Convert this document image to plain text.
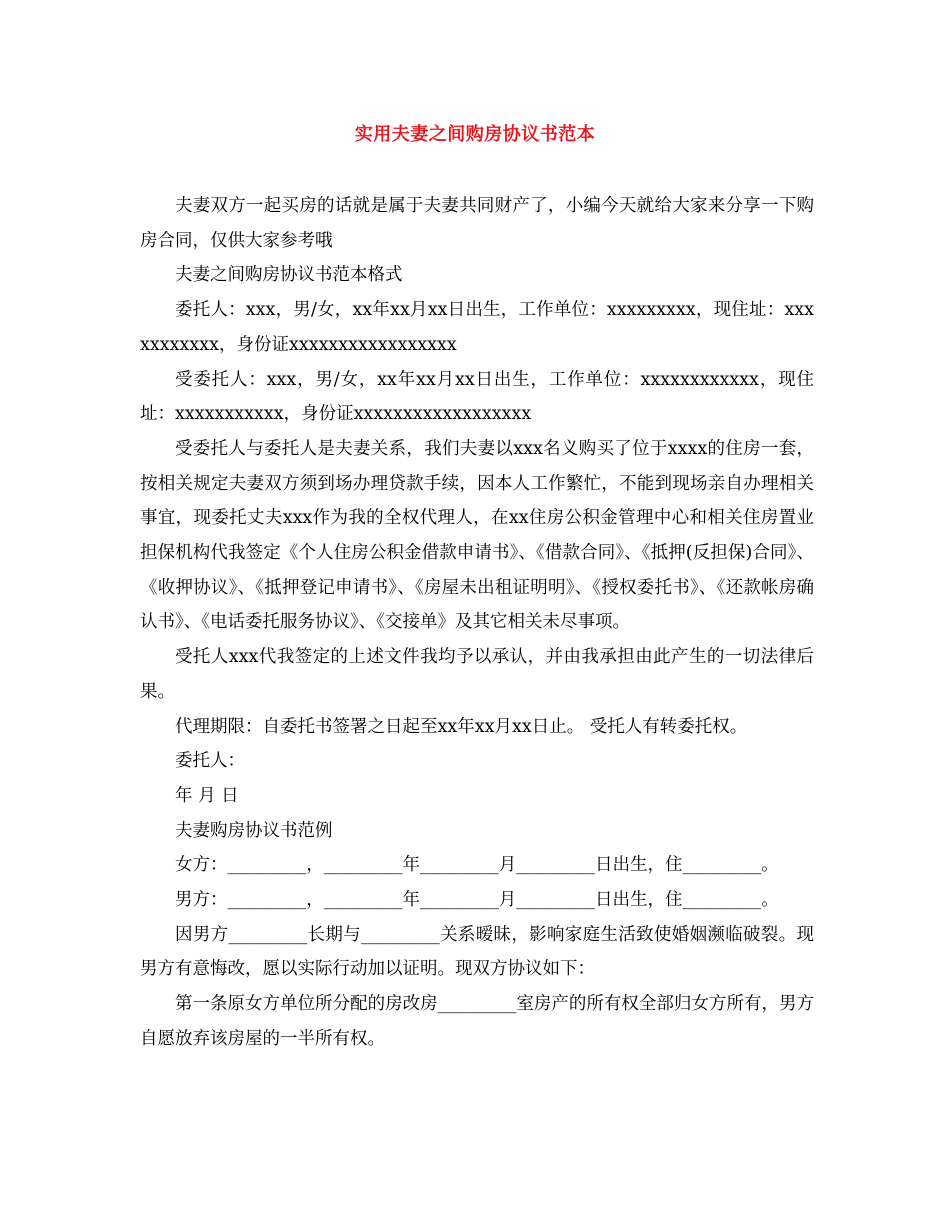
实用夫妻之间购房协议书范本

夫妻双方一起买房的话就是属于夫妻共同财产了，小编今天就给大家来分享一下购房合同，仅供大家参考哦

夫妻之间购房协议书范本格式

委托人：xxx，男/女，xx年xx月xx日出生，工作单位：xxxxxxxxx，现住址：xxxxxxxxxxx，身份证xxxxxxxxxxxxxxxxx

受委托人：xxx，男/女，xx年xx月xx日出生，工作单位：xxxxxxxxxxxx，现住址：xxxxxxxxxxx，身份证xxxxxxxxxxxxxxxxxx

受委托人与委托人是夫妻关系，我们夫妻以xxx名义购买了位于xxxx的住房一套，按相关规定夫妻双方须到场办理贷款手续，因本人工作繁忙，不能到现场亲自办理相关事宜，现委托丈夫xxx作为我的全权代理人，在xx住房公积金管理中心和相关住房置业担保机构代我签定《个人住房公积金借款申请书》、《借款合同》、《抵押(反担保)合同》、《收押协议》、《抵押登记申请书》、《房屋未出租证明明》、《授权委托书》、《还款帐房确认书》、《电话委托服务协议》、《交接单》及其它相关未尽事项。

受托人xxx代我签定的上述文件我均予以承认，并由我承担由此产生的一切法律后果。

代理期限：自委托书签署之日起至xx年xx月xx日止。 受托人有转委托权。

委托人：

年 月 日

夫妻购房协议书范例

女方：_________，_________年_________月_________日出生，住_________。

男方：_________，_________年_________月_________日出生，住_________。

因男方_________长期与_________关系暧昧，影响家庭生活致使婚姻濒临破裂。现男方有意悔改，愿以实际行动加以证明。现双方协议如下：

第一条原女方单位所分配的房改房_________室房产的所有权全部归女方所有，男方自愿放弃该房屋的一半所有权。
